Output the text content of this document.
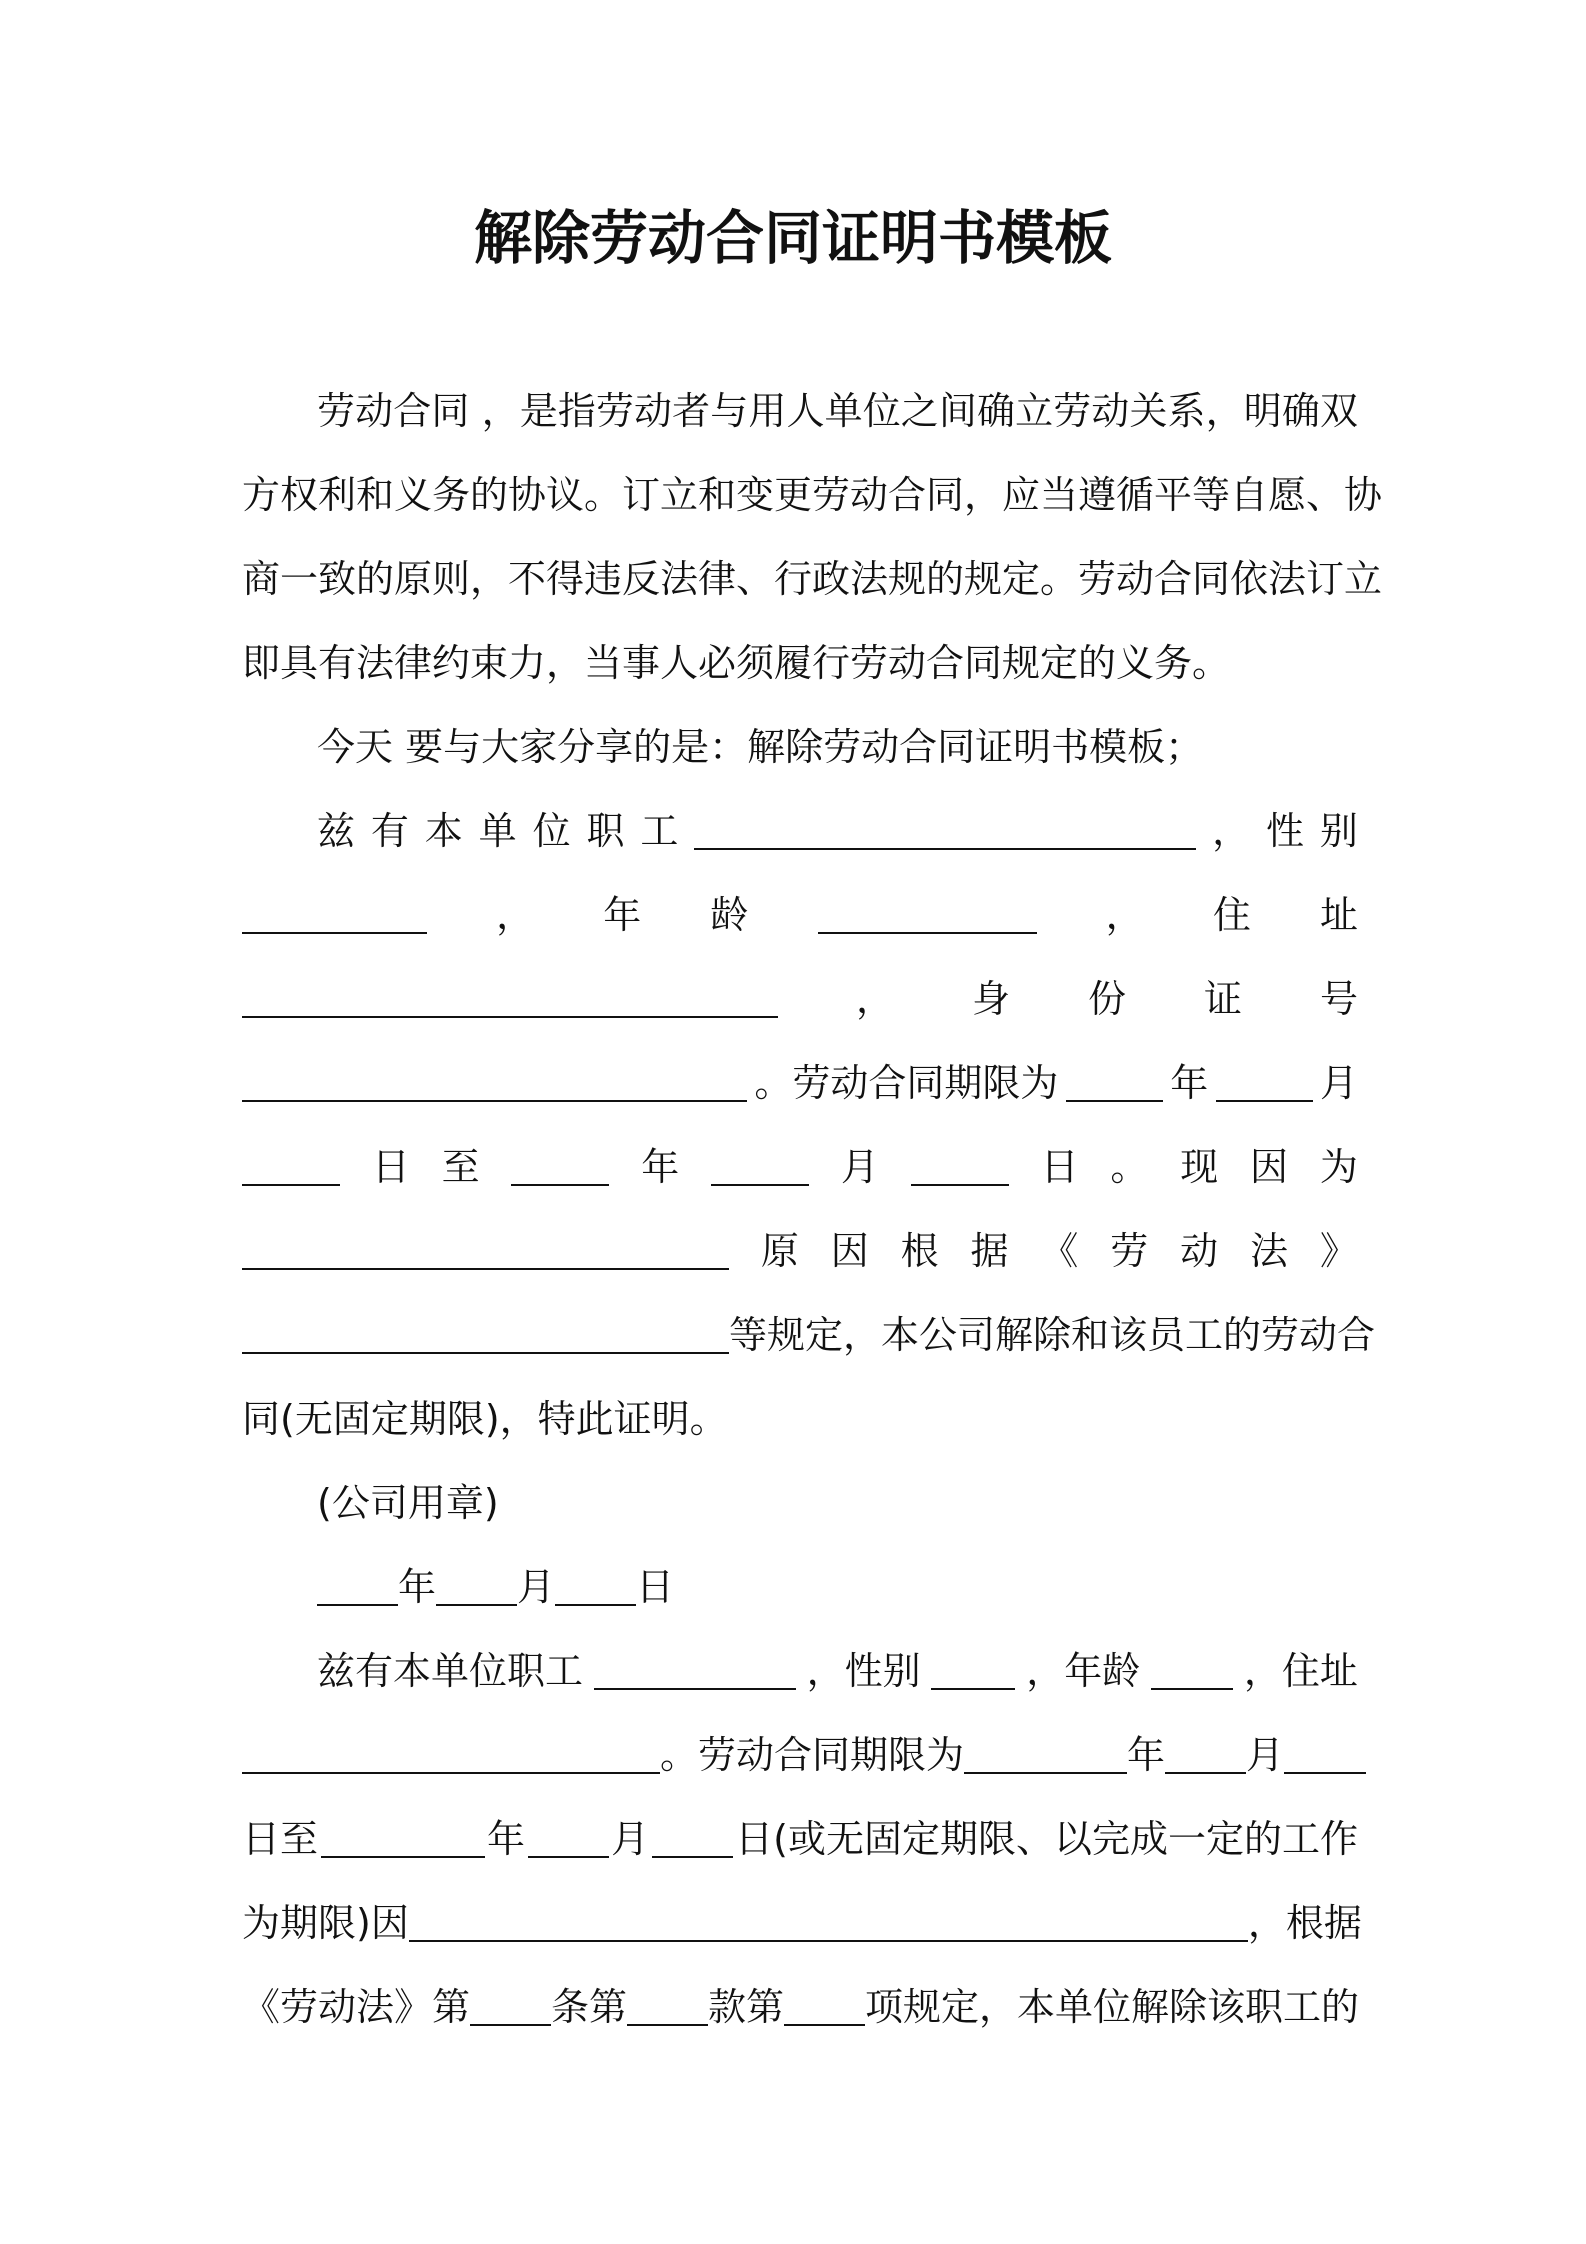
解除劳动合同证明书模板
劳动合同 ，是指劳动者与用人单位之间确立劳动关系，明确双
方权利和义务的协议。订立和变更劳动合同，应当遵循平等自愿、协
商一致的原则，不得违反法律、行政法规的规定。劳动合同依法订立
即具有法律约束力，当事人必须履行劳动合同规定的义务。
今天 要与大家分享的是：解除劳动合同证明书模板；
兹 有 本 单 位 职 工	， 性 别
， 年 龄	， 住 址
， 身 份 证 号
。劳动合同期限为	年	月
日 至	年	月	日 。 现 因 为
原 因 根 据 《 劳 动 法 》
等规定，本公司解除和该员工的劳动合
同(无固定期限)，特此证明。
(公司用章)
年 月 日
兹有本单位职工	，性别	，年龄	，住址
。劳动合同期限为	年 月
日至	年 月 日(或无固定期限、以完成一定的工作
为期限)因	，根据
《劳动法》第 条第 款第 项规定，本单位解除该职工的
